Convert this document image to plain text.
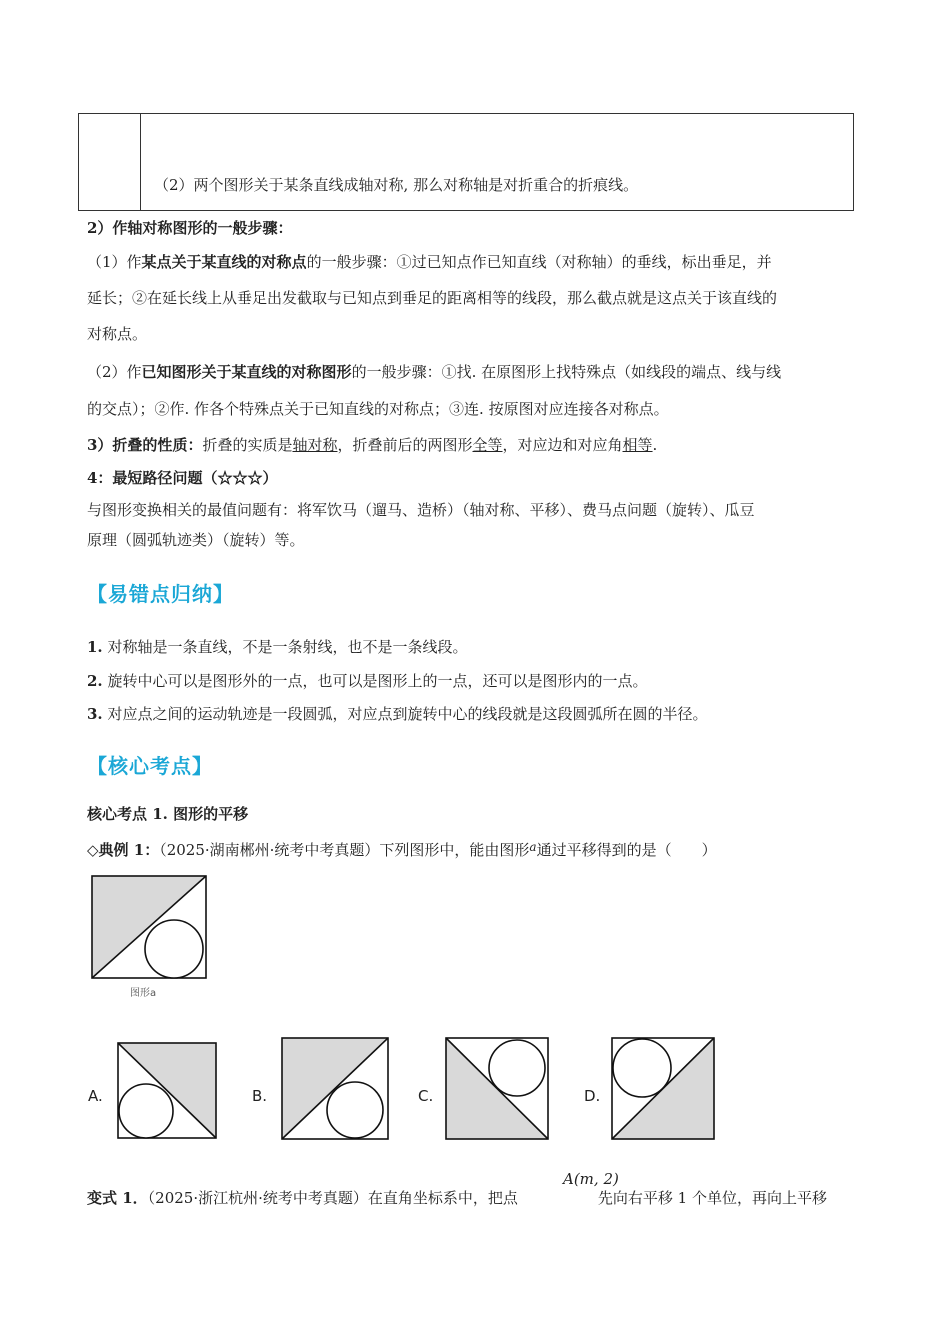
（2）两个图形关于某条直线成轴对称, 那么对称轴是对折重合的折痕线。
2）作轴对称图形的一般步骤：
（1）作某点关于某直线的对称点的一般步骤：①过已知点作已知直线（对称轴）的垂线，标出垂足，并
延长；②在延长线上从垂足出发截取与已知点到垂足的距离相等的线段，那么截点就是这点关于该直线的
对称点。
（2）作已知图形关于某直线的对称图形的一般步骤：①找. 在原图形上找特殊点（如线段的端点、线与线
的交点）；②作. 作各个特殊点关于已知直线的对称点；③连. 按原图对应连接各对称点。
3）折叠的性质：折叠的实质是轴对称，折叠前后的两图形全等，对应边和对应角相等.
4：最短路径问题（☆☆☆）
与图形变换相关的最值问题有：将军饮马（遛马、造桥）（轴对称、平移）、费马点问题（旋转）、瓜豆
原理（圆弧轨迹类）（旋转）等。
【易错点归纳】
1. 对称轴是一条直线，不是一条射线，也不是一条线段。
2. 旋转中心可以是图形外的一点，也可以是图形上的一点，还可以是图形内的一点。
3. 对应点之间的运动轨迹是一段圆弧，对应点到旋转中心的线段就是这段圆弧所在圆的半径。
【核心考点】
核心考点 1. 图形的平移
◇典例 1：（2025·湖南郴州·统考中考真题）下列图形中，能由图形$^a$通过平移得到的是（　　）
图形a
A.	B.	C.	D.
A(m, 2)
变式 1．（2025·浙江杭州·统考中考真题）在直角坐标系中，把点	先向右平移 1 个单位，再向上平移
